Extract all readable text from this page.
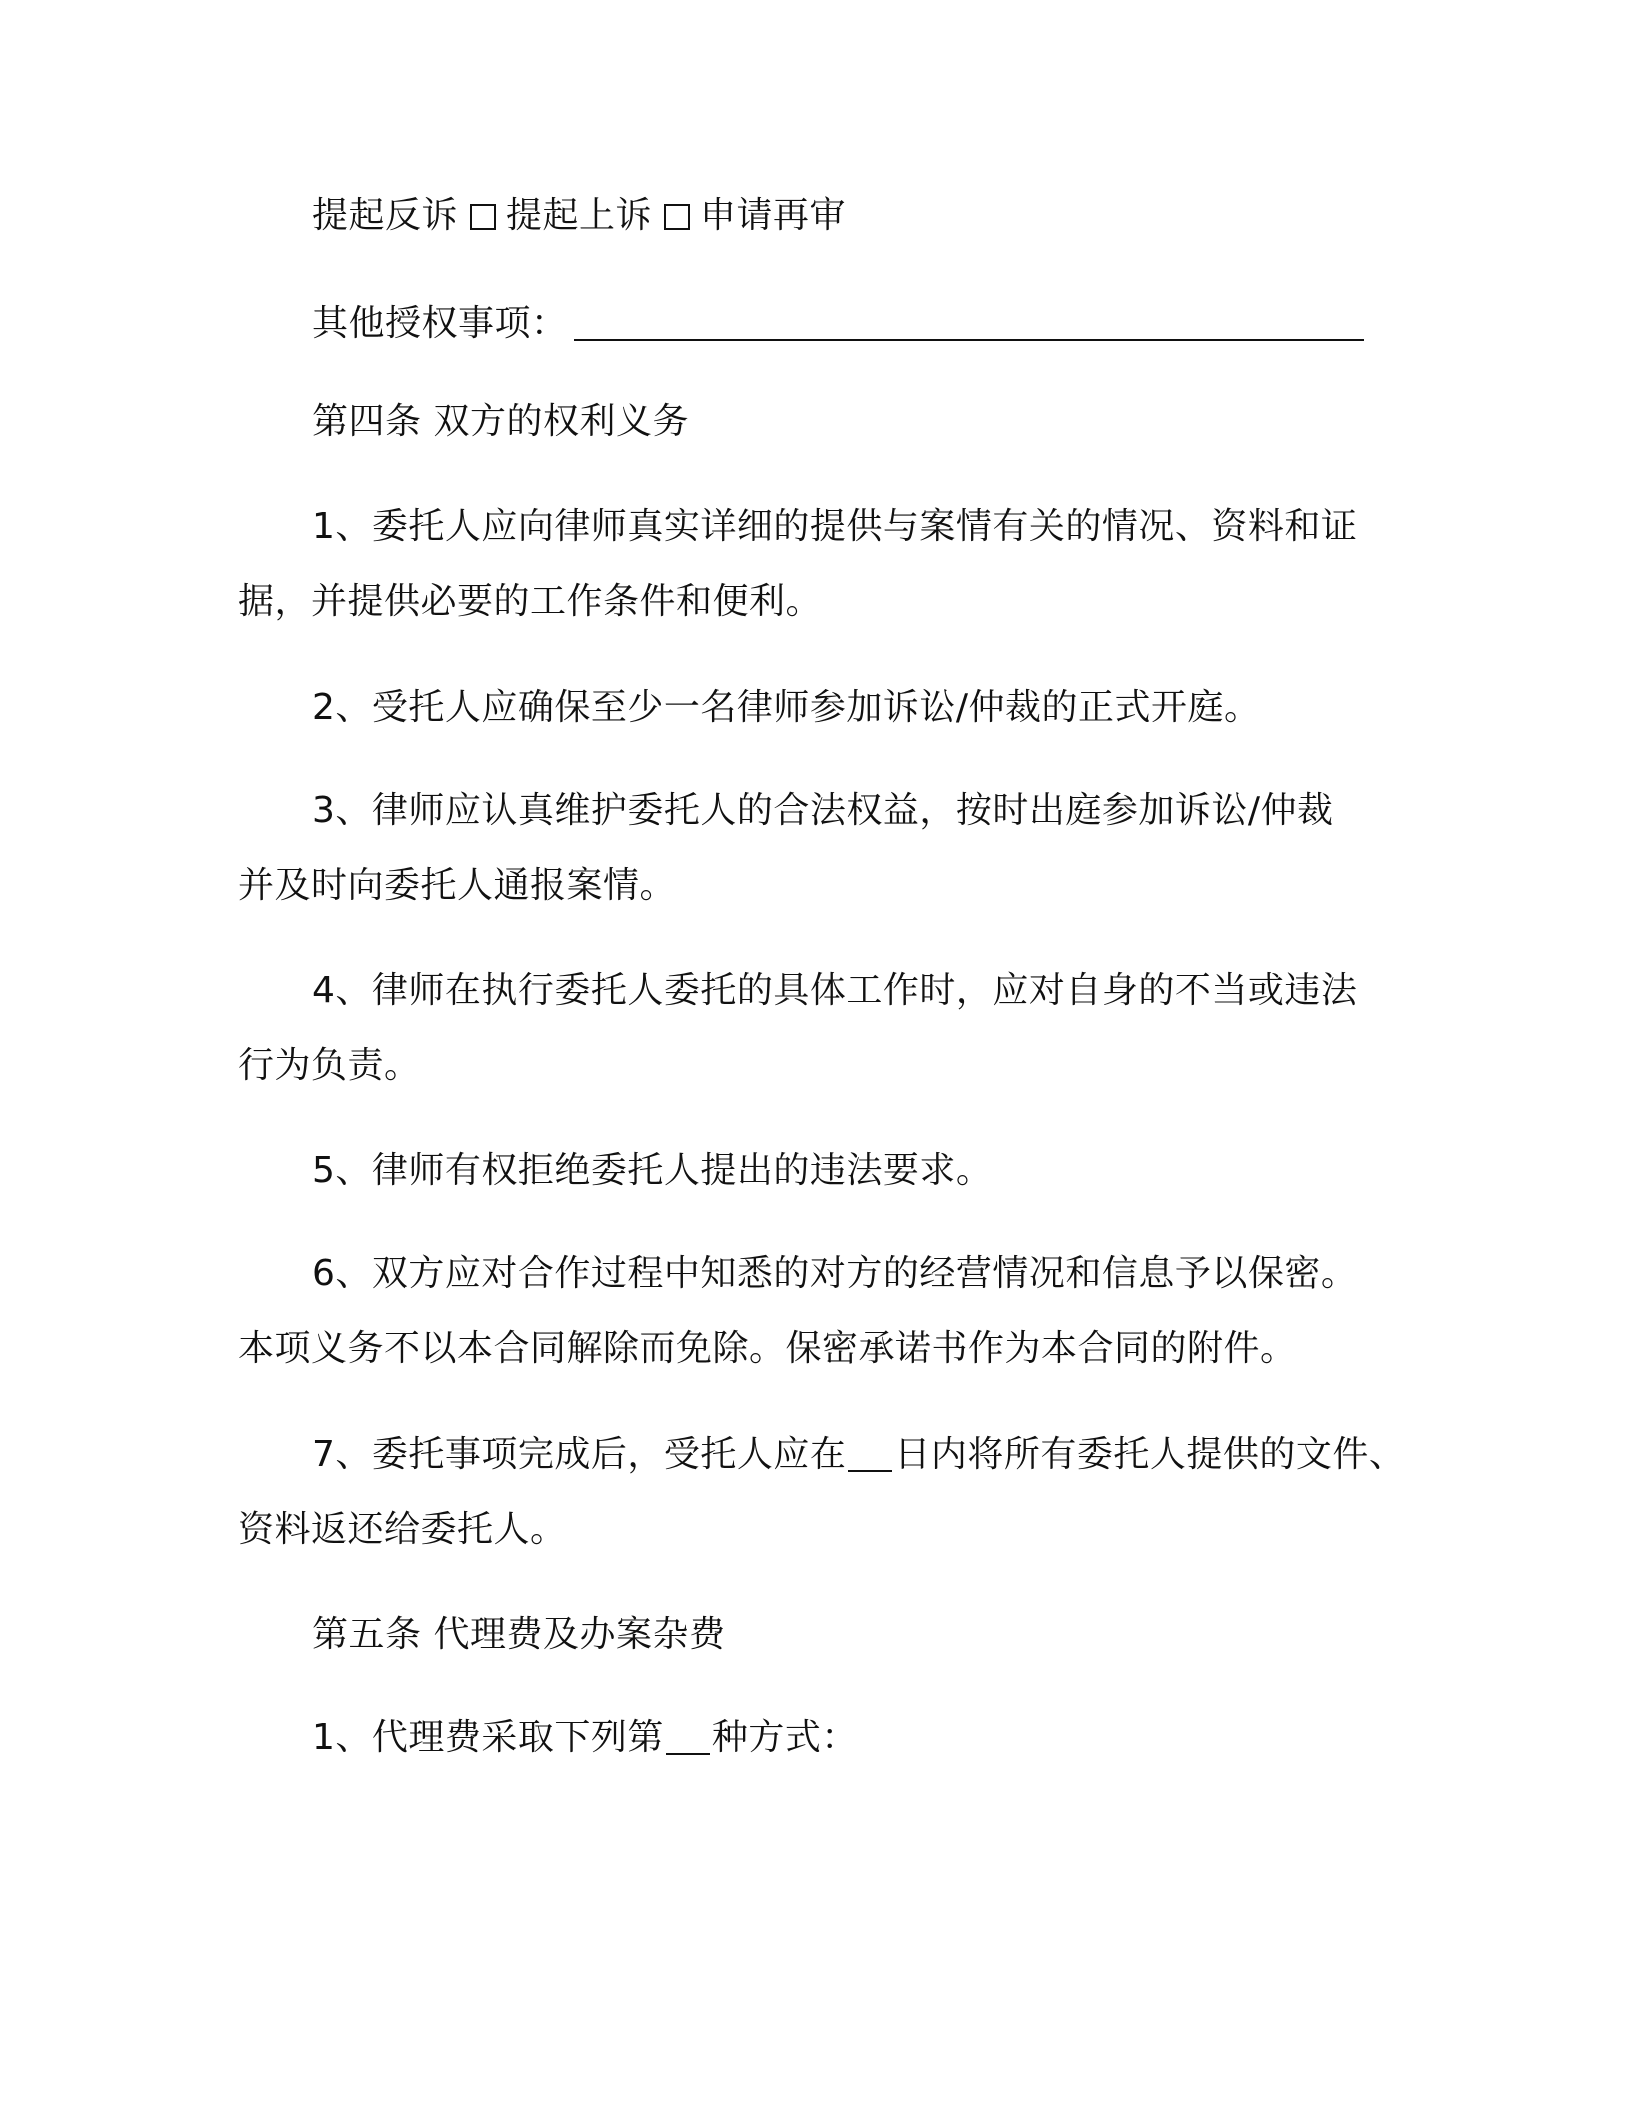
提起反诉 提起上诉 申请再审
其他授权事项：
第四条 双方的权利义务
1、委托人应向律师真实详细的提供与案情有关的情况、资料和证
据，并提供必要的工作条件和便利。
2、受托人应确保至少一名律师参加诉讼/仲裁的正式开庭。
3、律师应认真维护委托人的合法权益，按时出庭参加诉讼/仲裁
并及时向委托人通报案情。
4、律师在执行委托人委托的具体工作时，应对自身的不当或违法
行为负责。
5、律师有权拒绝委托人提出的违法要求。
6、双方应对合作过程中知悉的对方的经营情况和信息予以保密。
本项义务不以本合同解除而免除。保密承诺书作为本合同的附件。
7、委托事项完成后，受托人应在 日内将所有委托人提供的文件、
资料返还给委托人。
第五条 代理费及办案杂费
1、代理费采取下列第 种方式：
